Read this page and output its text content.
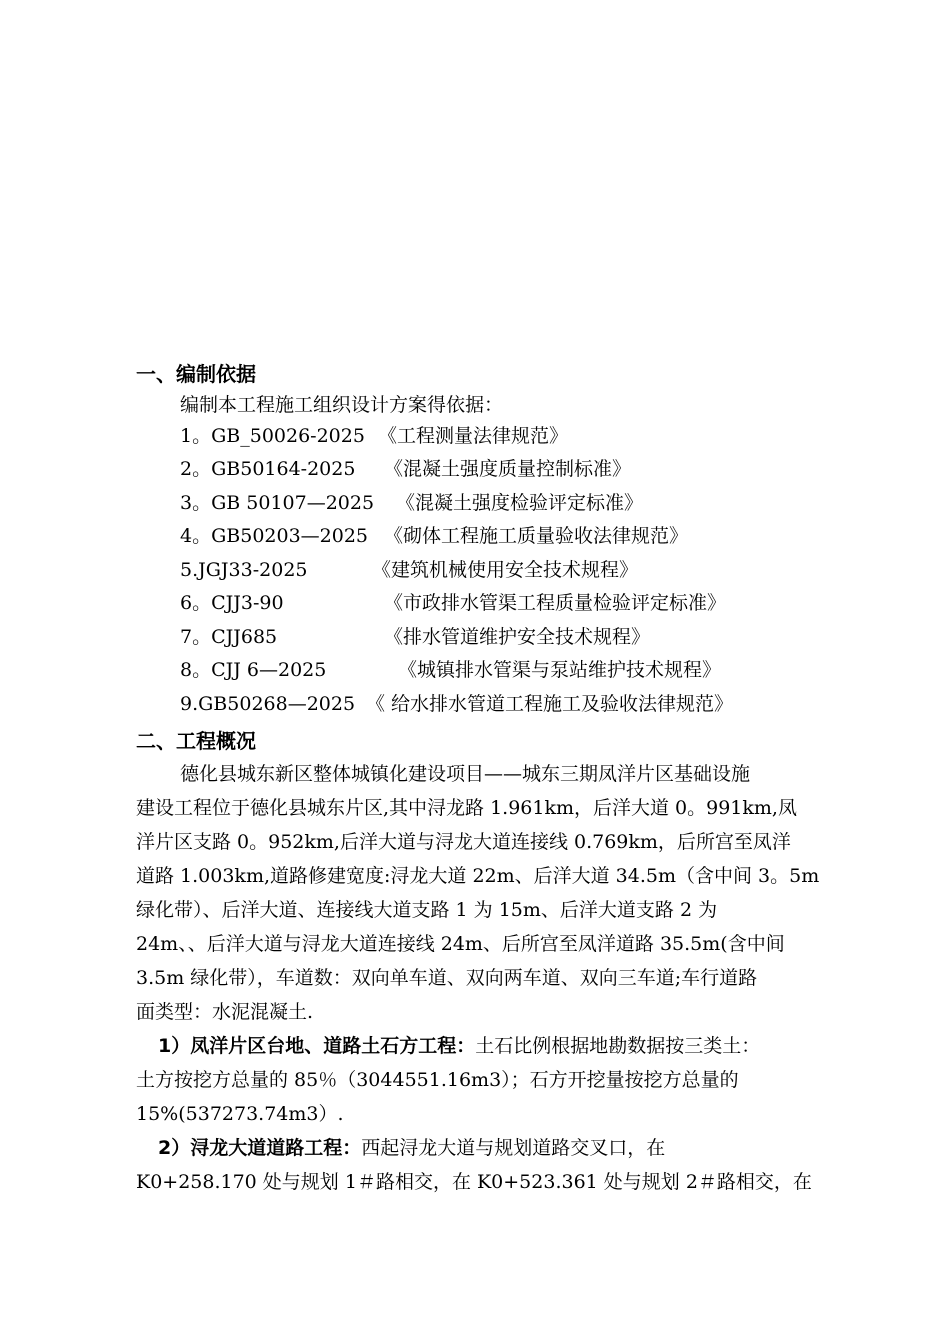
一、编制依据
编制本工程施工组织设计方案得依据：
1。GB_50026-2025 《工程测量法律规范》
2。GB50164-2025 《混凝土强度质量控制标准》
3。GB 50107—2025 《混凝土强度检验评定标准》
4。GB50203—2025 《砌体工程施工质量验收法律规范》
5.JGJ33-2025	《建筑机械使用安全技术规程》
6。CJJ3-90	《市政排水管渠工程质量检验评定标准》
7。CJJ685	《排水管道维护安全技术规程》
8。CJJ 6—2025	《城镇排水管渠与泵站维护技术规程》
9.GB50268—2025 《 给水排水管道工程施工及验收法律规范》
二、工程概况
德化县城东新区整体城镇化建设项目——城东三期凤洋片区基础设施
建设工程位于德化县城东片区,其中浔龙路 1.961km，后洋大道 0。991km,凤
洋片区支路 0。952km,后洋大道与浔龙大道连接线 0.769km，后所宫至凤洋
道路 1.003km,道路修建宽度:浔龙大道 22m、后洋大道 34.5m（含中间 3。5m
绿化带）、后洋大道、连接线大道支路 1 为 15m、后洋大道支路 2 为
24m、、后洋大道与浔龙大道连接线 24m、后所宫至凤洋道路 35.5m(含中间
3.5m 绿化带），车道数：双向单车道、双向两车道、双向三车道;车行道路
面类型：水泥混凝土.
1）凤洋片区台地、道路土石方工程：土石比例根据地勘数据按三类土：
土方按挖方总量的 85％（3044551.16m3）；石方开挖量按挖方总量的
15%(537273.74m3）.
2）浔龙大道道路工程：西起浔龙大道与规划道路交叉口，在
K0+258.170 处与规划 1＃路相交，在 K0+523.361 处与规划 2＃路相交，在
